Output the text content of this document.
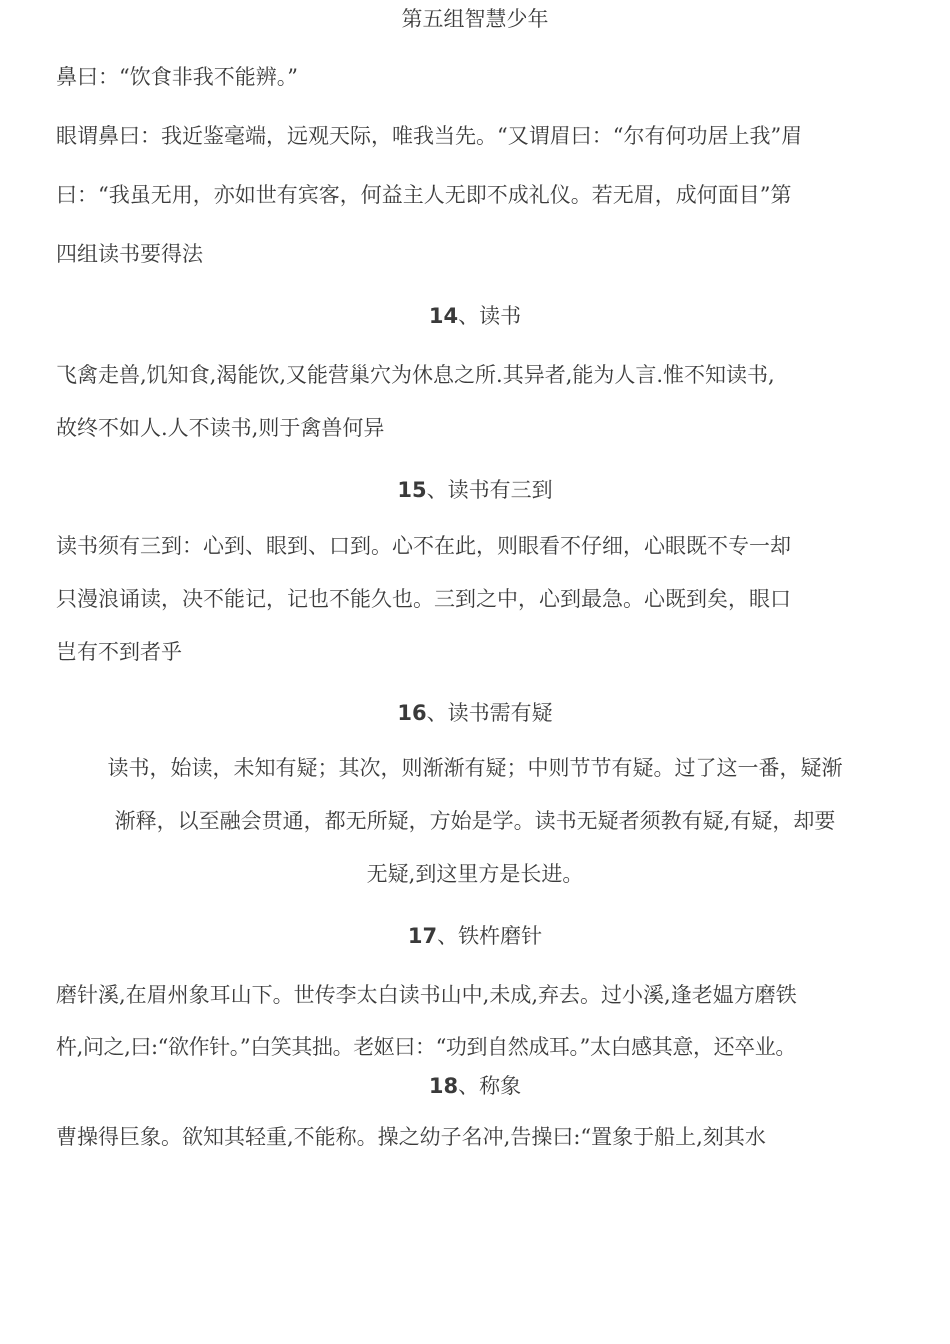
第五组智慧少年
鼻曰：“饮食非我不能辨。”
眼谓鼻曰：我近鉴毫端，远观天际，唯我当先。“又谓眉曰：“尔有何功居上我”眉
曰：“我虽无用，亦如世有宾客，何益主人无即不成礼仪。若无眉，成何面目”第
四组读书要得法
14、读书
飞禽走兽,饥知食,渴能饮,又能营巢穴为休息之所.其异者,能为人言.惟不知读书,
故终不如人.人不读书,则于禽兽何异
15、读书有三到
读书须有三到：心到、眼到、口到。心不在此，则眼看不仔细，心眼既不专一却
只漫浪诵读，决不能记，记也不能久也。三到之中，心到最急。心既到矣，眼口
岂有不到者乎
16、读书需有疑
读书，始读，未知有疑；其次，则渐渐有疑；中则节节有疑。过了这一番，疑渐
渐释，以至融会贯通，都无所疑，方始是学。读书无疑者须教有疑,有疑，却要
无疑,到这里方是长进。
17、铁杵磨针
磨针溪,在眉州象耳山下。世传李太白读书山中,未成,弃去。过小溪,逢老媪方磨铁
杵,问之,曰:“欲作针。”白笑其拙。老妪曰：“功到自然成耳。”太白感其意，还卒业。
18、称象
曹操得巨象。欲知其轻重,不能称。操之幼子名冲,告操曰:“置象于船上,刻其水
